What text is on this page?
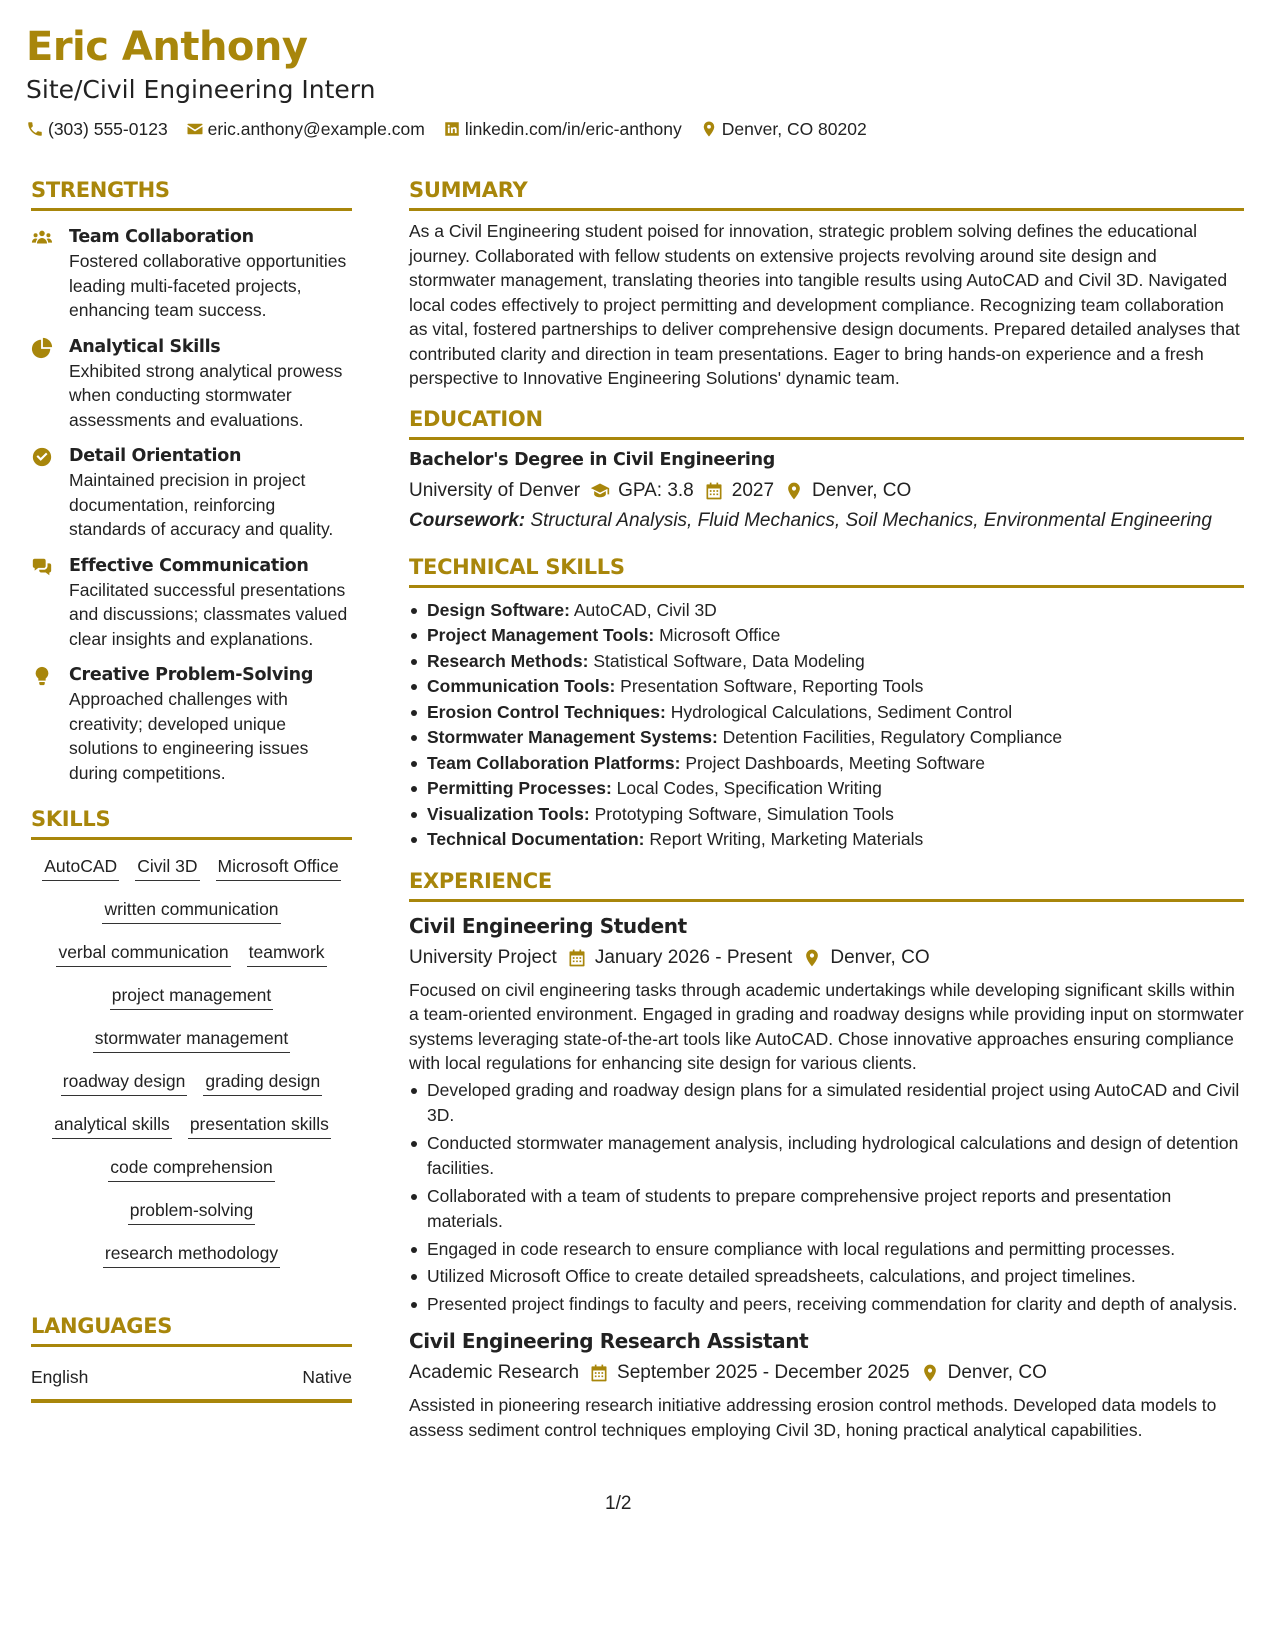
Eric Anthony
Site/Civil Engineering Intern
(303) 555-0123 eric.anthony@example.com linkedin.com/in/eric-anthony Denver, CO 80202
STRENGTHS
Team Collaboration
Fostered collaborative opportunities leading multi-faceted projects, enhancing team success.
Analytical Skills
Exhibited strong analytical prowess when conducting stormwater assessments and evaluations.
Detail Orientation
Maintained precision in project documentation, reinforcing standards of accuracy and quality.
Effective Communication
Facilitated successful presentations and discussions; classmates valued clear insights and explanations.
Creative Problem-Solving
Approached challenges with creativity; developed unique solutions to engineering issues during competitions.
SKILLS
AutoCAD Civil 3D Microsoft Office
written communication
verbal communication teamwork
project management
stormwater management
roadway design grading design
analytical skills presentation skills
code comprehension
problem-solving
research methodology
LANGUAGES
English	Native
SUMMARY

As a Civil Engineering student poised for innovation, strategic problem solving defines the educational journey. Collaborated with fellow students on extensive projects revolving around site design and stormwater management, translating theories into tangible results using AutoCAD and Civil 3D. Navigated local codes effectively to project permitting and development compliance. Recognizing team collaboration as vital, fostered partnerships to deliver comprehensive design documents. Prepared detailed analyses that contributed clarity and direction in team presentations. Eager to bring hands-on experience and a fresh perspective to Innovative Engineering Solutions' dynamic team.

EDUCATION
Bachelor's Degree in Civil Engineering
University of Denver GPA: 3.8 2027 Denver, CO
Coursework: Structural Analysis, Fluid Mechanics, Soil Mechanics, Environmental Engineering
TECHNICAL SKILLS
Design Software: AutoCAD, Civil 3D
Project Management Tools: Microsoft Office
Research Methods: Statistical Software, Data Modeling
Communication Tools: Presentation Software, Reporting Tools
Erosion Control Techniques: Hydrological Calculations, Sediment Control
Stormwater Management Systems: Detention Facilities, Regulatory Compliance
Team Collaboration Platforms: Project Dashboards, Meeting Software
Permitting Processes: Local Codes, Specification Writing
Visualization Tools: Prototyping Software, Simulation Tools
Technical Documentation: Report Writing, Marketing Materials
EXPERIENCE
Civil Engineering Student
University Project January 2026 - Present Denver, CO

Focused on civil engineering tasks through academic undertakings while developing significant skills within a team-oriented environment. Engaged in grading and roadway designs while providing input on stormwater systems leveraging state-of-the-art tools like AutoCAD. Chose innovative approaches ensuring compliance with local regulations for enhancing site design for various clients.

Developed grading and roadway design plans for a simulated residential project using AutoCAD and Civil 3D.
Conducted stormwater management analysis, including hydrological calculations and design of detention facilities.
Collaborated with a team of students to prepare comprehensive project reports and presentation materials.
Engaged in code research to ensure compliance with local regulations and permitting processes.
Utilized Microsoft Office to create detailed spreadsheets, calculations, and project timelines.
Presented project findings to faculty and peers, receiving commendation for clarity and depth of analysis.
Civil Engineering Research Assistant
Academic Research September 2025 - December 2025 Denver, CO

Assisted in pioneering research initiative addressing erosion control methods. Developed data models to assess sediment control techniques employing Civil 3D, honing practical analytical capabilities.

1/2
